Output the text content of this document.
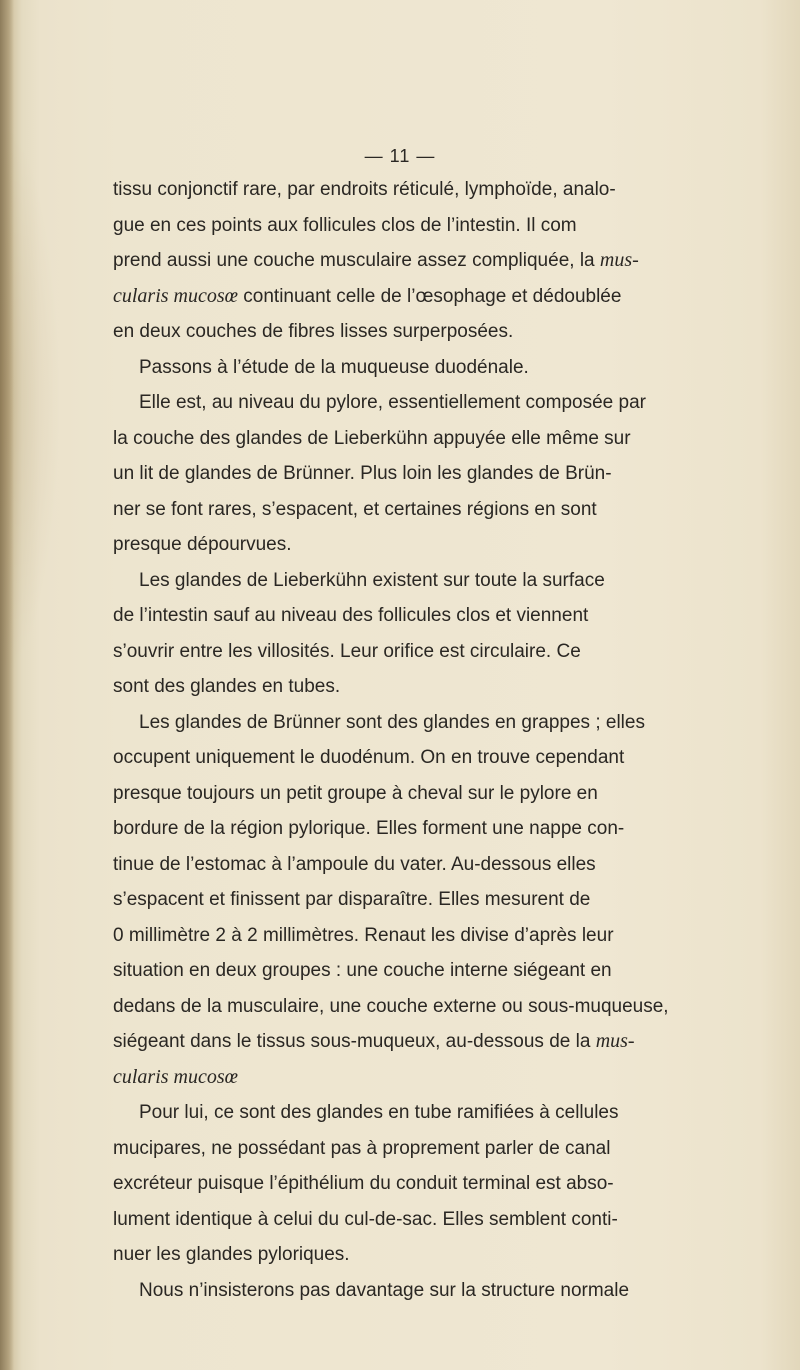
— 11 —
tissu conjonctif rare, par endroits réticulé, lymphoïde, analo-
gue en ces points aux follicules clos de l’intestin. Il com
prend aussi une couche musculaire assez compliquée, la mus-
cularis mucosœ continuant celle de l’œsophage et dédoublée
en deux couches de fibres lisses surperposées.
Passons à l’étude de la muqueuse duodénale.
Elle est, au niveau du pylore, essentiellement composée par
la couche des glandes de Lieberkühn appuyée elle même sur
un lit de glandes de Brünner. Plus loin les glandes de Brün-
ner se font rares, s’espacent, et certaines régions en sont
presque dépourvues.
Les glandes de Lieberkühn existent sur toute la surface
de l’intestin sauf au niveau des follicules clos et viennent
s’ouvrir entre les villosités. Leur orifice est circulaire. Ce
sont des glandes en tubes.
Les glandes de Brünner sont des glandes en grappes ; elles
occupent uniquement le duodénum. On en trouve cependant
presque toujours un petit groupe à cheval sur le pylore en
bordure de la région pylorique. Elles forment une nappe con-
tinue de l’estomac à l’ampoule du vater. Au-dessous elles
s’espacent et finissent par disparaître. Elles mesurent de
0 millimètre 2 à 2 millimètres. Renaut les divise d’après leur
situation en deux groupes : une couche interne siégeant en
dedans de la musculaire, une couche externe ou sous-muqueuse,
siégeant dans le tissus sous-muqueux, au-dessous de la mus-
cularis mucosœ
Pour lui, ce sont des glandes en tube ramifiées à cellules
mucipares, ne possédant pas à proprement parler de canal
excréteur puisque l’épithélium du conduit terminal est abso-
lument identique à celui du cul-de-sac. Elles semblent conti-
nuer les glandes pyloriques.
Nous n’insisterons pas davantage sur la structure normale
